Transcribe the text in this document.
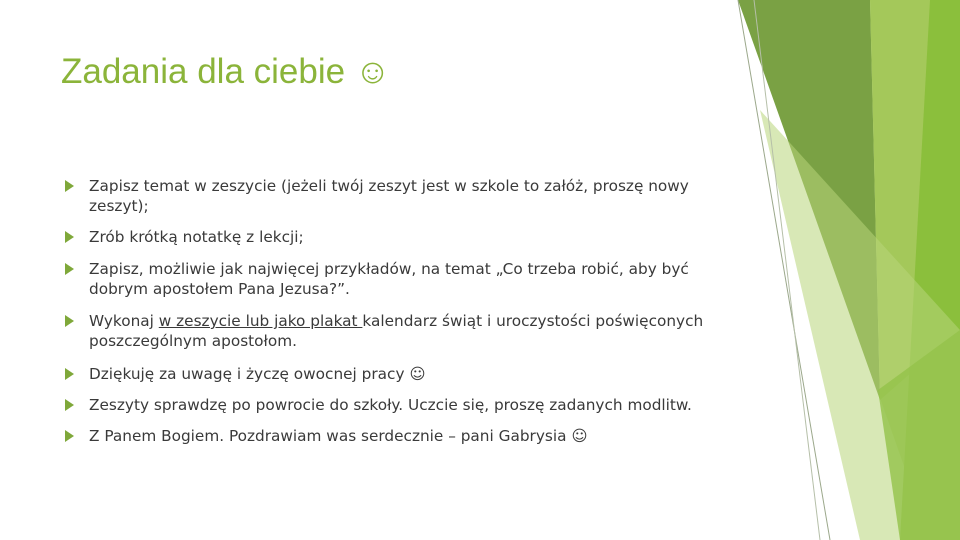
Zadania dla ciebie ☺
Zapisz temat w zeszycie (jeżeli twój zeszyt jest w szkole to załóż, proszę nowy zeszyt);
Zrób krótką notatkę z lekcji;
Zapisz, możliwie jak najwięcej przykładów, na temat „Co trzeba robić, aby być dobrym apostołem Pana Jezusa?”.
Wykonaj w zeszycie lub jako plakat kalendarz świąt i uroczystości poświęconych poszczególnym apostołom.
Dziękuję za uwagę i życzę owocnej pracy ☺
Zeszyty sprawdzę po powrocie do szkoły. Uczcie się, proszę zadanych modlitw.
Z Panem Bogiem. Pozdrawiam was serdecznie – pani Gabrysia ☺
